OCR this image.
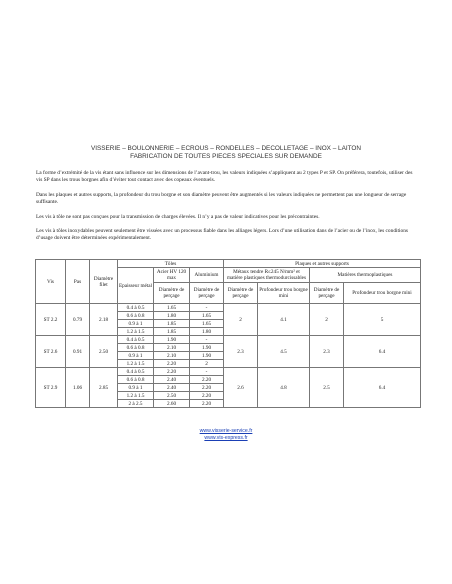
VISSERIE – BOULONNERIE – ECROUS – RONDELLES – DECOLLETAGE – INOX – LAITON
FABRICATION DE TOUTES PIECES SPECIALES SUR DEMANDE

La forme d’extrémité de la vis étant sans influence sur les dimensions de l’avant-trou, les valeurs indiquées s’appliquent au 2 types P et SP. On préférera, toutefois, utiliser des vis SP dans les trous borgnes afin d’éviter tout contact avec des copeaux éventuels.

Dans les plaques et autres supports, la profondeur du trou borgne et son diamètre peuvent être augmentés si les valeurs indiquées ne permettent pas une longueur de serrage suffisante.

Les vis à tôle ne sont pas conçues pour la transmission de charges élevées. Il n’y a pas de valeur indicatives pour les précontraintes.

Les vis à tôles inoxydables peuvent seulement être vissées avec un processus fiable dans les alliages légers. Lors d’une utilisation dans de l’acier ou de l’inox, les conditions d’usage doivent être déterminées expérimentalement.

Vis	Pas	Diamètre filet	Tôles			Plaques et autres supports			
			Epaisseur métal	Acier HV 120 max	Aluminium	Métaux tendre R≤245 N/mm² et matière plastiques thermodurcissables		Matières thermoplastiques	
				Diamètre de perçage	Diamètre de perçage	Diamètre de perçage	Profondeur trou borgne mini	Diamètre de perçage	Profondeur trou borgne mini
ST 2.2	0.79	2.18	0.4 à 0.5	1.65	-	2	4.1	2	5
			0.6 à 0.8	1.80	1.65				
			0.9 à 1	1.85	1.65				
			1.2 à 1.5	1.85	1.80				
ST 2.6	0.91	2.50	0.4 à 0.5	1.90	-	2.3	4.5	2.3	6.4
			0.6 à 0.8	2.10	1.90				
			0.9 à 1	2.10	1.90				
			1.2 à 1.5	2.20	2				
ST 2.9	1.06	2.85	0.4 à 0.5	2.20	-	2.6	4.8	2.5	6.4
			0.6 à 0.8	2.40	2.20				
			0.9 à 1	2.40	2.20				
			1.2 à 1.5	2.50	2.20				
			2 à 2.5	2.60	2.20				
www.visserie-service.fr
www.vis-express.fr
